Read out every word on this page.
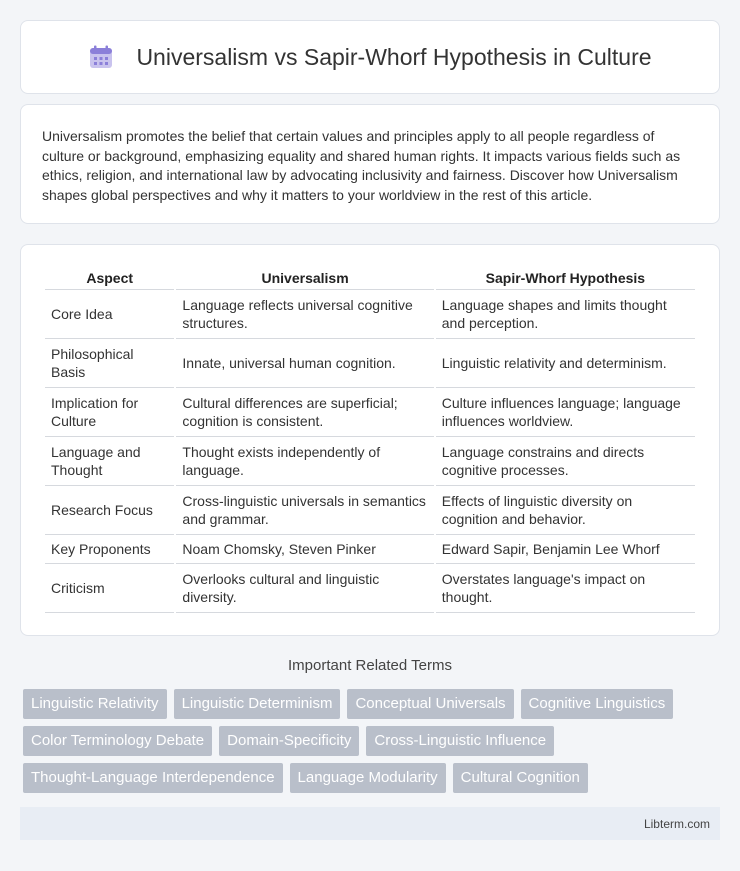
Universalism vs Sapir-Whorf Hypothesis in Culture

Universalism promotes the belief that certain values and principles apply to all people regardless of culture or background, emphasizing equality and shared human rights. It impacts various fields such as ethics, religion, and international law by advocating inclusivity and fairness. Discover how Universalism shapes global perspectives and why it matters to your worldview in the rest of this article.

Aspect	Universalism	Sapir-Whorf Hypothesis
Core Idea	Language reflects universal cognitive structures.	Language shapes and limits thought and perception.
Philosophical Basis	Innate, universal human cognition.	Linguistic relativity and determinism.
Implication for Culture	Cultural differences are superficial; cognition is consistent.	Culture influences language; language influences worldview.
Language and Thought	Thought exists independently of language.	Language constrains and directs cognitive processes.
Research Focus	Cross-linguistic universals in semantics and grammar.	Effects of linguistic diversity on cognition and behavior.
Key Proponents	Noam Chomsky, Steven Pinker	Edward Sapir, Benjamin Lee Whorf
Criticism	Overlooks cultural and linguistic diversity.	Overstates language's impact on thought.
Important Related Terms
Linguistic Relativity	Linguistic Determinism	Conceptual Universals	Cognitive Linguistics
Color Terminology Debate	Domain-Specificity	Cross-Linguistic Influence
Thought-Language Interdependence	Language Modularity	Cultural Cognition
Libterm.com
